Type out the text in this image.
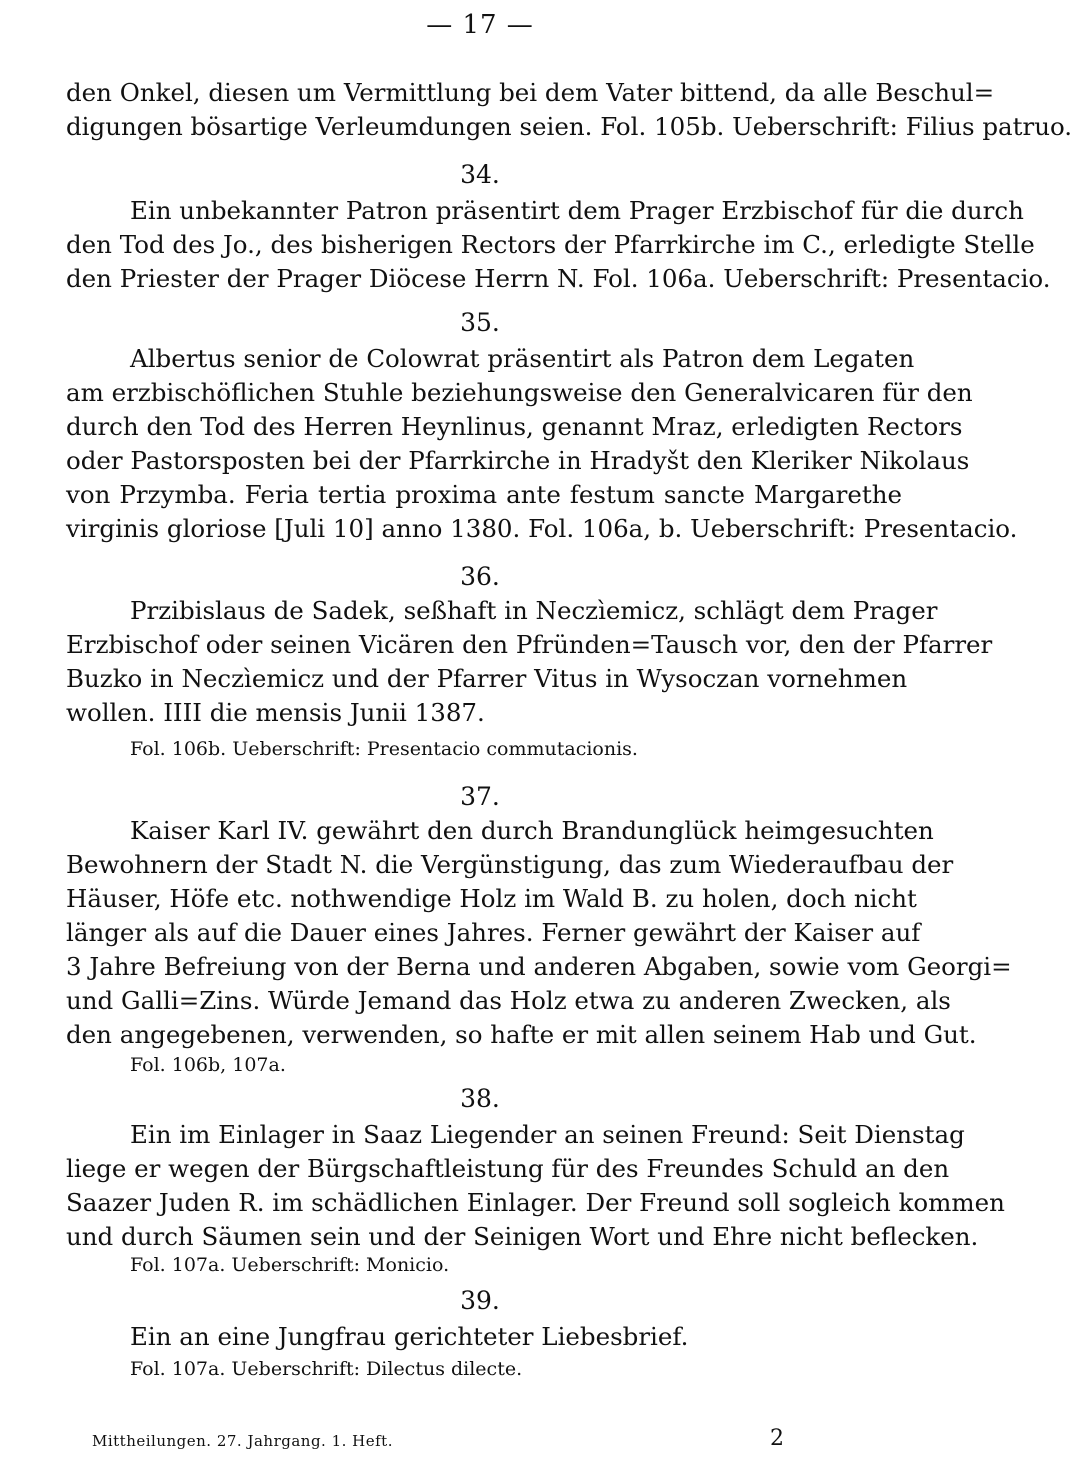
— 17 —
den Onkel, diesen um Vermittlung bei dem Vater bittend, da alle Beschul=
digungen bösartige Verleumdungen seien. Fol. 105b. Ueberschrift: Filius patruo.
34.
Ein unbekannter Patron präsentirt dem Prager Erzbischof für die durch
den Tod des Jo., des bisherigen Rectors der Pfarrkirche im C., erledigte Stelle
den Priester der Prager Diöcese Herrn N. Fol. 106a. Ueberschrift: Presentacio.
35.
Albertus senior de Colowrat präsentirt als Patron dem Legaten
am erzbischöflichen Stuhle beziehungsweise den Generalvicaren für den
durch den Tod des Herren Heynlinus, genannt Mraz, erledigten Rectors
oder Pastorsposten bei der Pfarrkirche in Hradyšt den Kleriker Nikolaus
von Przymba. Feria tertia proxima ante festum sancte Margarethe
virginis gloriose [Juli 10] anno 1380. Fol. 106a, b. Ueberschrift: Presentacio.
36.
Przibislaus de Sadek, seßhaft in Neczìemicz, schlägt dem Prager
Erzbischof oder seinen Vicären den Pfründen=Tausch vor, den der Pfarrer
Buzko in Neczìemicz und der Pfarrer Vitus in Wysoczan vornehmen
wollen. IIII die mensis Junii 1387.
Fol. 106b. Ueberschrift: Presentacio commutacionis.
37.
Kaiser Karl IV. gewährt den durch Brandunglück heimgesuchten
Bewohnern der Stadt N. die Vergünstigung, das zum Wiederaufbau der
Häuser, Höfe etc. nothwendige Holz im Wald B. zu holen, doch nicht
länger als auf die Dauer eines Jahres. Ferner gewährt der Kaiser auf
3 Jahre Befreiung von der Berna und anderen Abgaben, sowie vom Georgi=
und Galli=Zins. Würde Jemand das Holz etwa zu anderen Zwecken, als
den angegebenen, verwenden, so hafte er mit allen seinem Hab und Gut.
Fol. 106b, 107a.
38.
Ein im Einlager in Saaz Liegender an seinen Freund: Seit Dienstag
liege er wegen der Bürgschaftleistung für des Freundes Schuld an den
Saazer Juden R. im schädlichen Einlager. Der Freund soll sogleich kommen
und durch Säumen sein und der Seinigen Wort und Ehre nicht beflecken.
Fol. 107a. Ueberschrift: Monicio.
39.
Ein an eine Jungfrau gerichteter Liebesbrief.
Fol. 107a. Ueberschrift: Dilectus dilecte.
Mittheilungen. 27. Jahrgang. 1. Heft.	2
